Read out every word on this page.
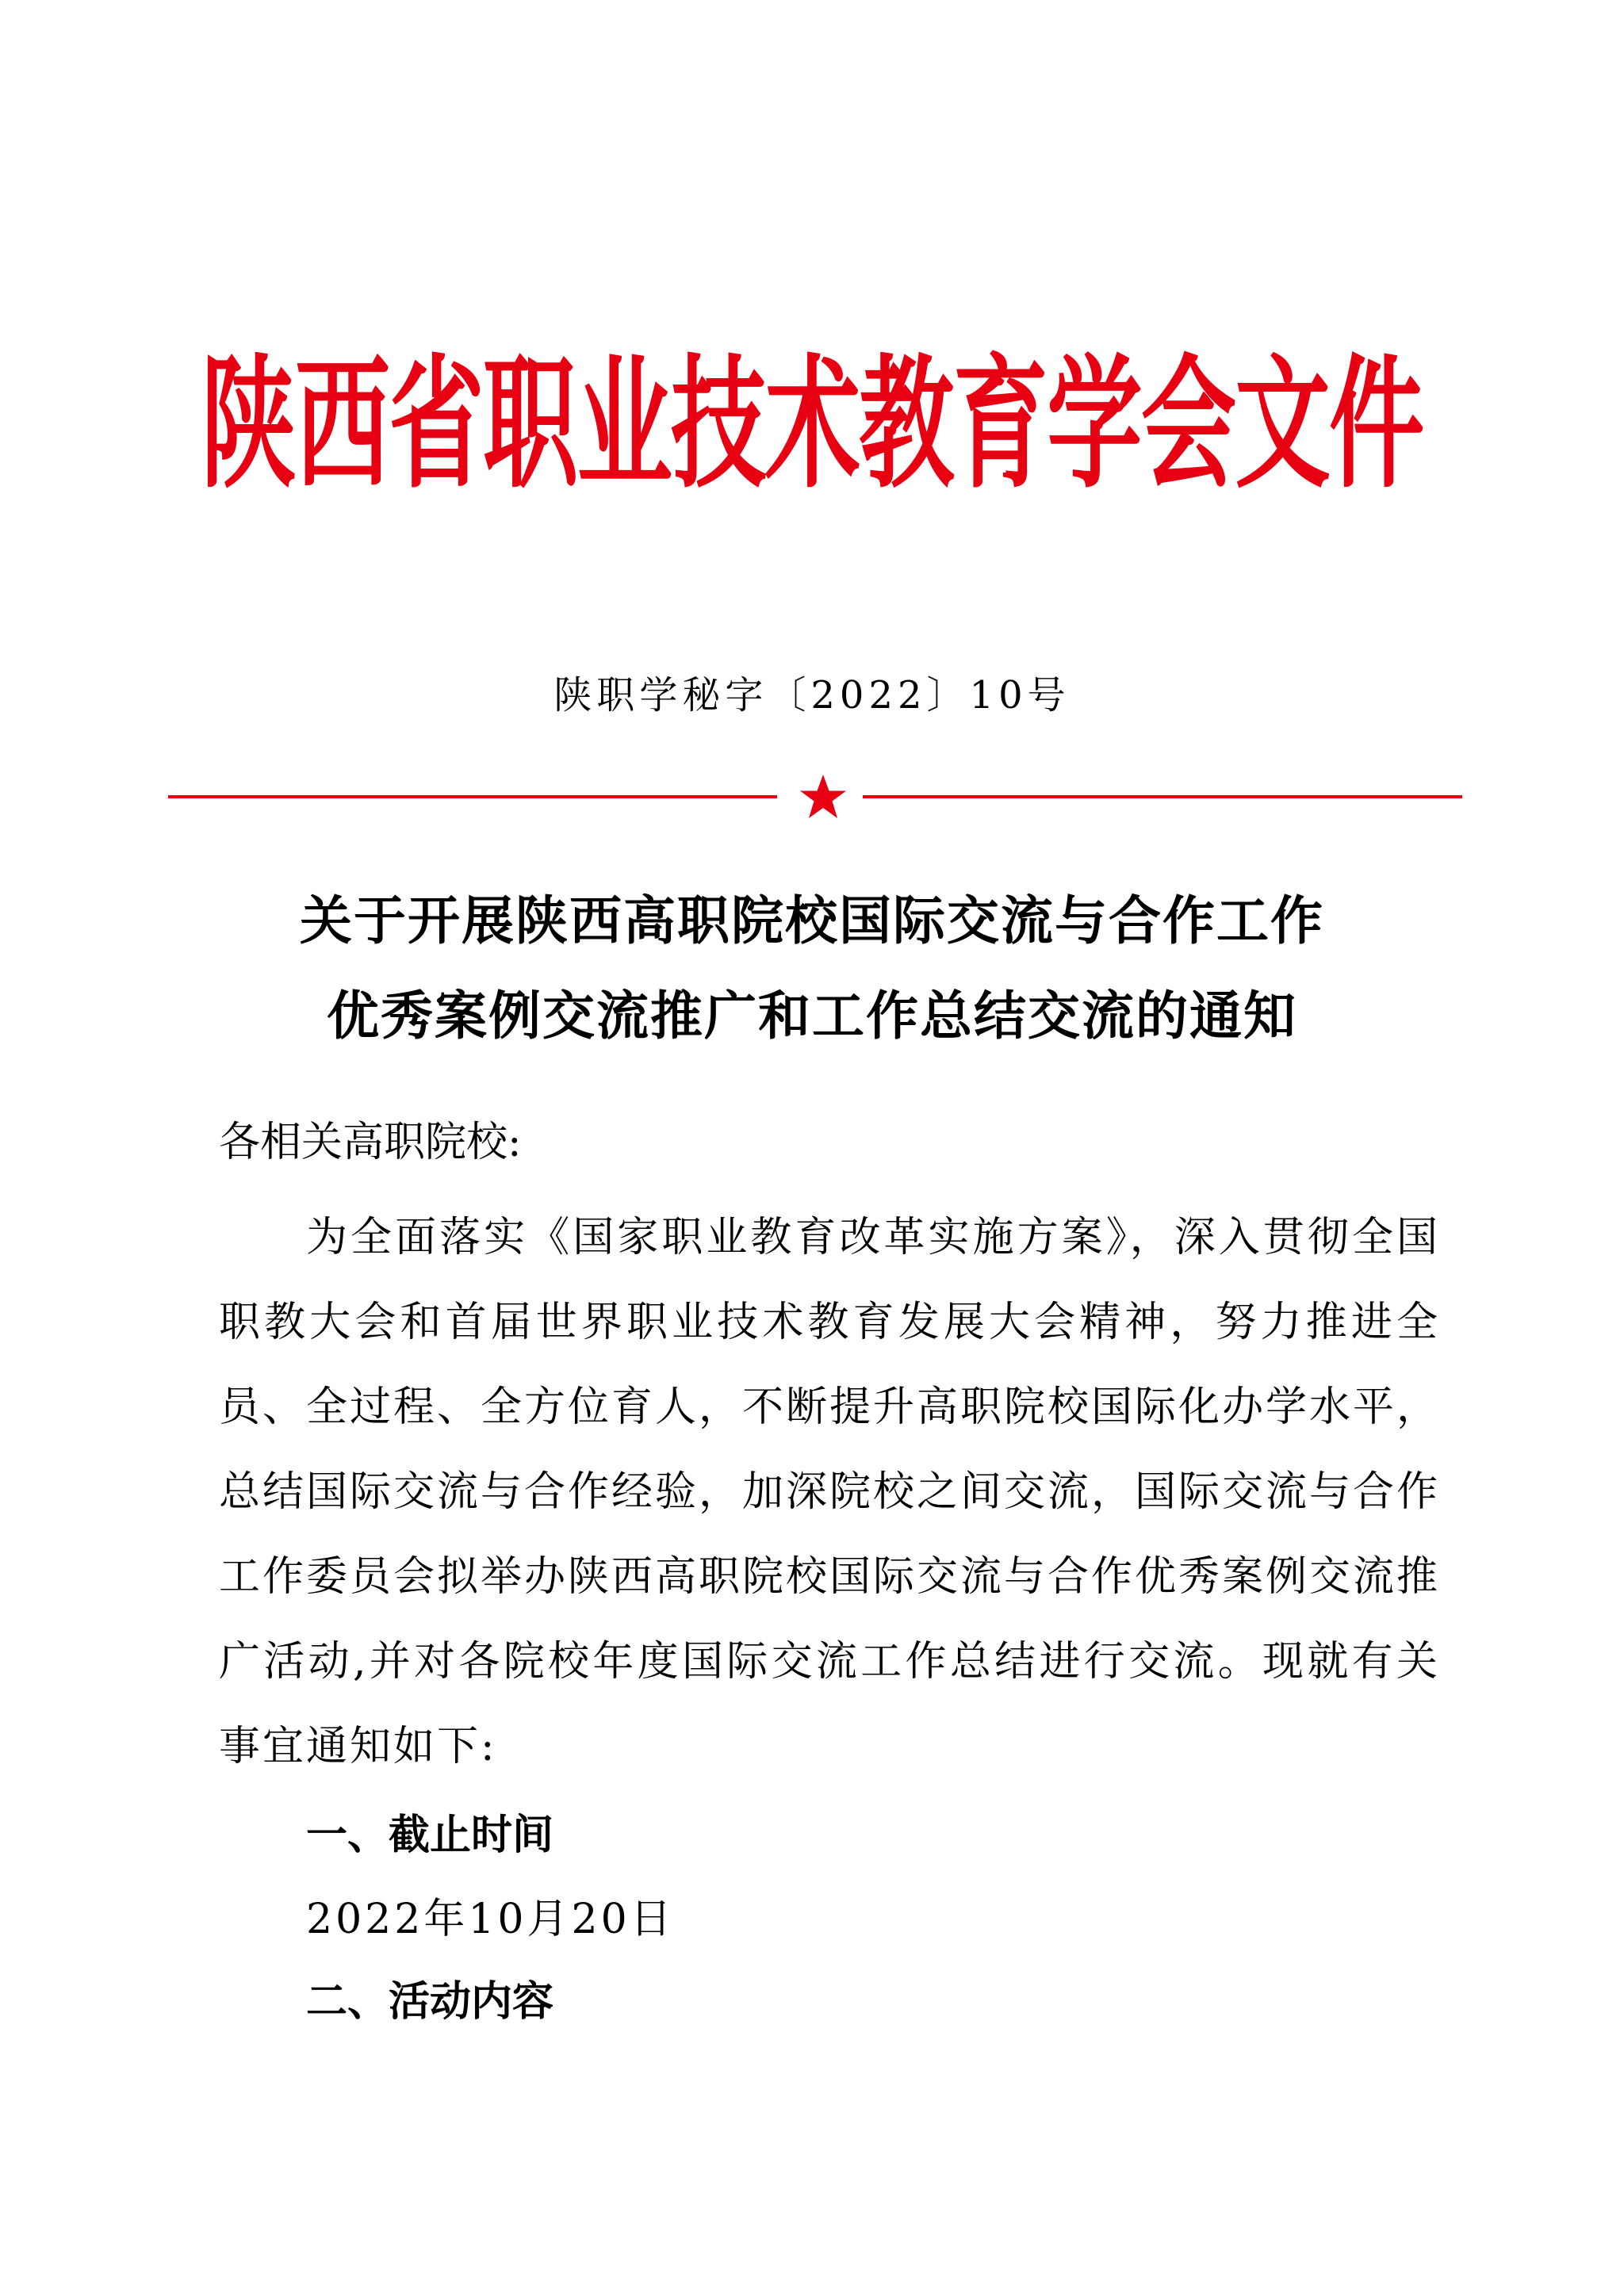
陕西省职业技术教育学会文件
陕职学秘字〔2022〕10号
关于开展陕西高职院校国际交流与合作工作
优秀案例交流推广和工作总结交流的通知
各相关高职院校:

为全面落实《国家职业教育改革实施方案》，深入贯彻全国职教大会和首届世界职业技术教育发展大会精神，努力推进全员、全过程、全方位育人，不断提升高职院校国际化办学水平，总结国际交流与合作经验，加深院校之间交流，国际交流与合作工作委员会拟举办陕西高职院校国际交流与合作优秀案例交流推广活动,并对各院校年度国际交流工作总结进行交流。现就有关事宜通知如下:

一、截止时间
2022年10月20日
二、活动内容
